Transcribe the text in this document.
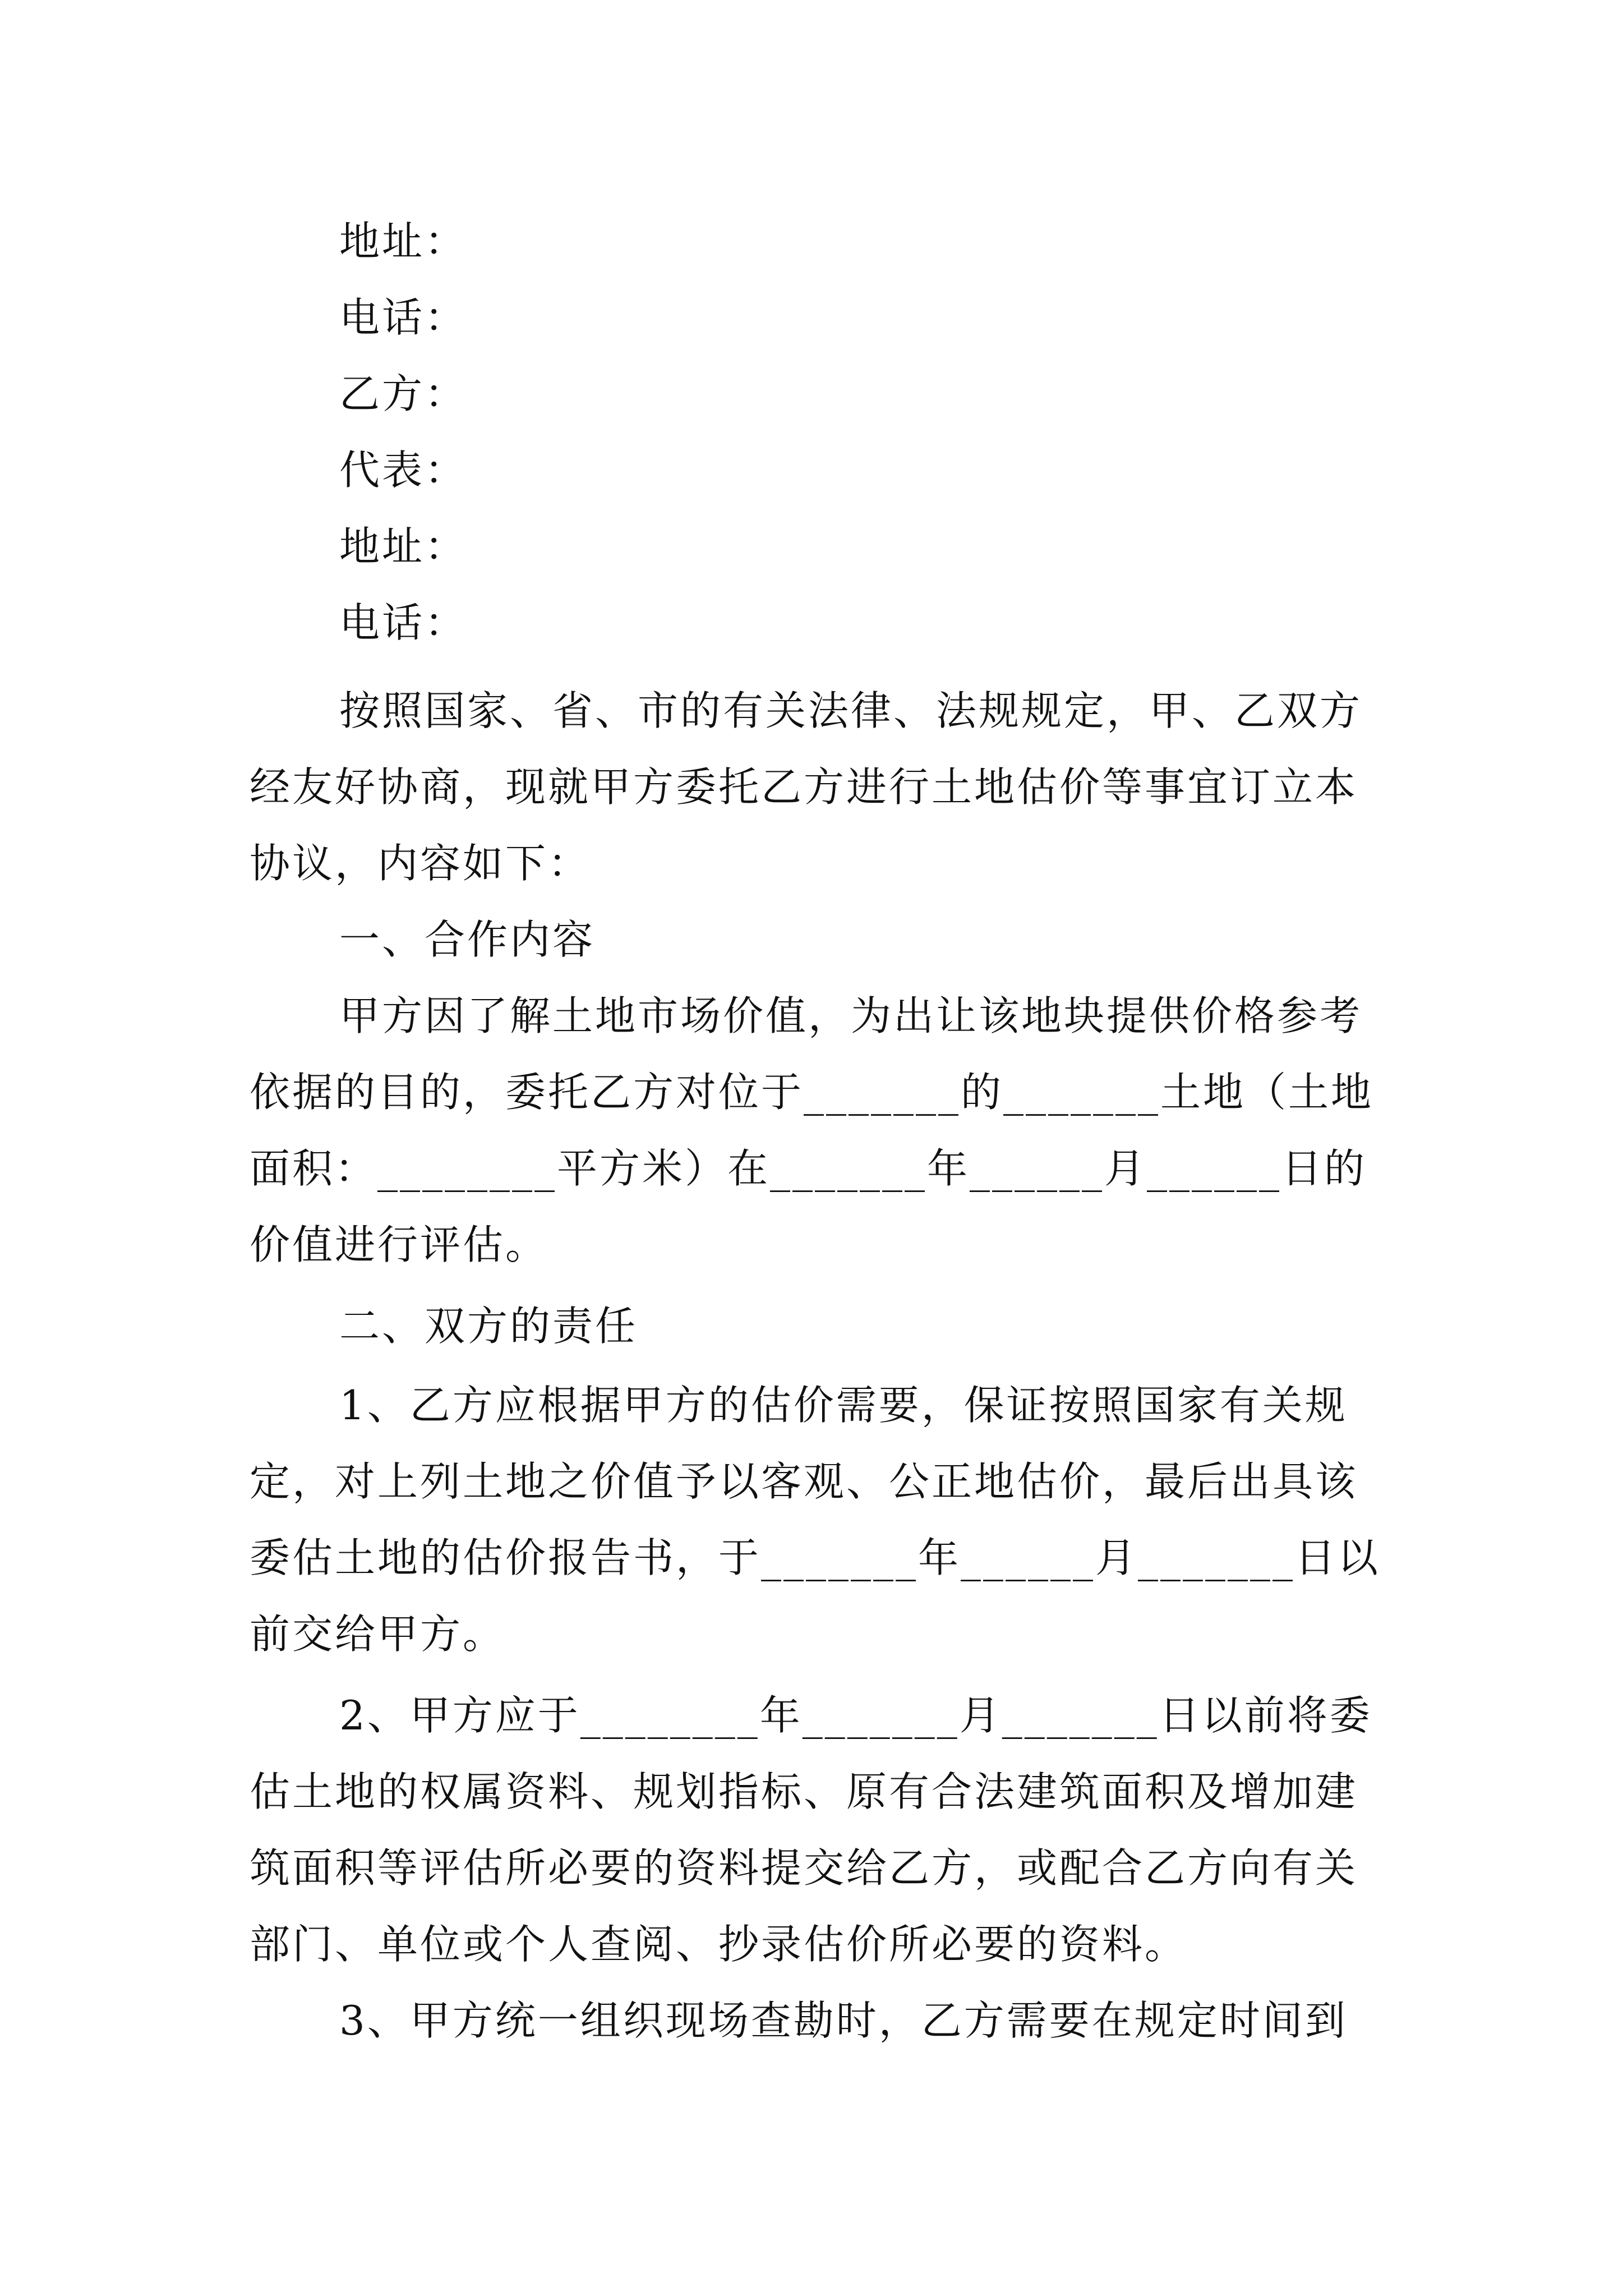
地址：
电话：
乙方：
代表：
地址：
电话：
按照国家、省、市的有关法律、法规规定，甲、乙双方
经友好协商，现就甲方委托乙方进行土地估价等事宜订立本
协议，内容如下：
一、合作内容
甲方因了解土地市场价值，为出让该地块提供价格参考
依据的目的，委托乙方对位于_______的_______土地（土地
面积：________平方米）在_______年______月______日的
价值进行评估。
二、双方的责任
1、乙方应根据甲方的估价需要，保证按照国家有关规
定，对上列土地之价值予以客观、公正地估价，最后出具该
委估土地的估价报告书，于_______年______月_______日以
前交给甲方。
2、甲方应于________年_______月_______日以前将委
估土地的权属资料、规划指标、原有合法建筑面积及增加建
筑面积等评估所必要的资料提交给乙方，或配合乙方向有关
部门、单位或个人查阅、抄录估价所必要的资料。
3、甲方统一组织现场查勘时，乙方需要在规定时间到
